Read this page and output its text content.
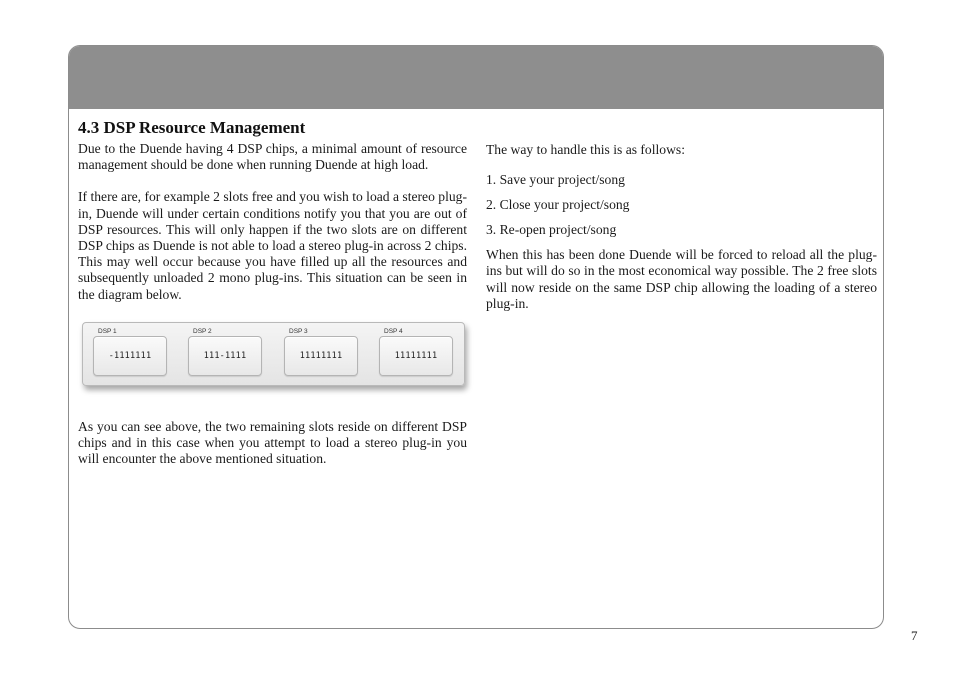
4.3 DSP Resource Management

Due to the Duende having 4 DSP chips, a minimal amount of resource management should be done when running Duende at high load.

If there are, for example 2 slots free and you wish to load a stereo plug-in, Duende will under certain conditions notify you that you are out of DSP resources. This will only happen if the two slots are on different DSP chips as Duende is not able to load a stereo plug-in across 2 chips. This may well occur because you have filled up all the resources and subsequently unloaded 2 mono plug-ins. This situation can be seen in the diagram below.

DSP 1
-1111111
DSP 2
111-1111
DSP 3
11111111
DSP 4
11111111

As you can see above, the two remaining slots reside on different DSP chips and in this case when you attempt to load a stereo plug-in you will encounter the above mentioned situation.

The way to handle this is as follows:

1. Save your project/song
2. Close your project/song
3. Re-open project/song

When this has been done Duende will be forced to reload all the plug-ins but will do so in the most economical way possible. The 2 free slots will now reside on the same DSP chip allowing the loading of a stereo plug-in.

7
